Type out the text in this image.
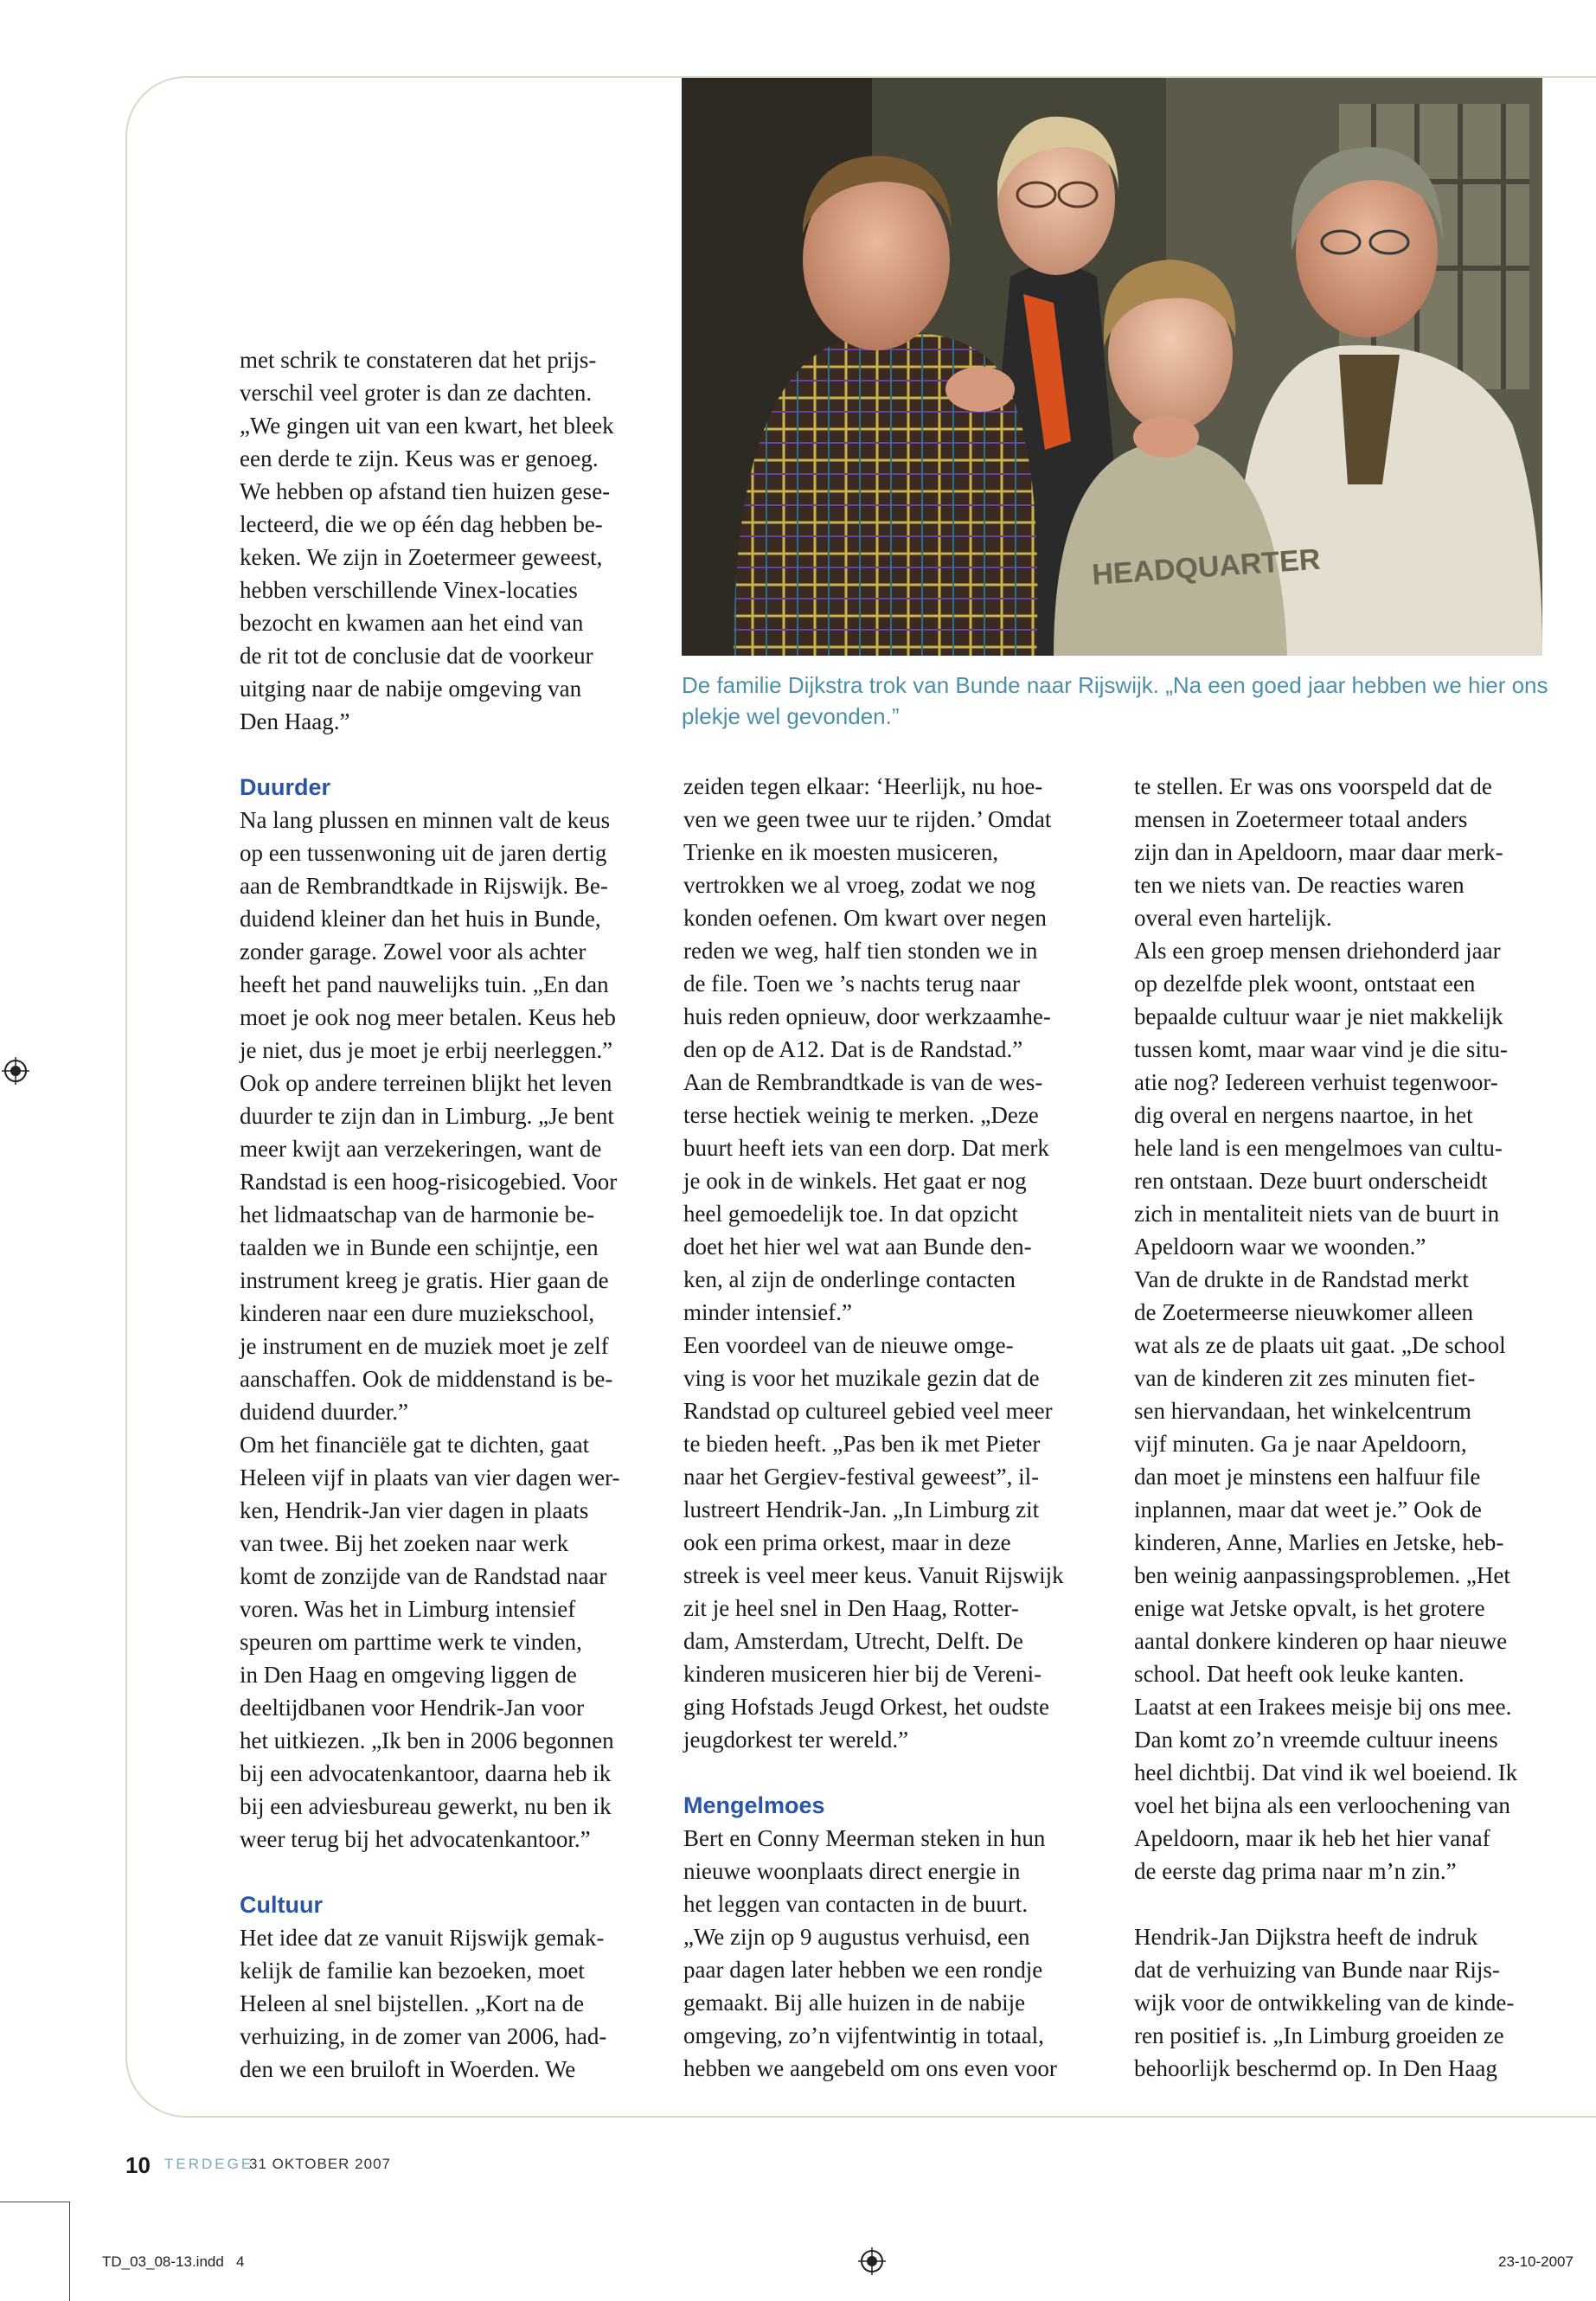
HEADQUARTER
De familie Dijkstra trok van Bunde naar Rijswijk. „Na een goed jaar hebben we hier ons plekje wel gevonden.”

met schrik te constateren dat het prijs-

verschil veel groter is dan ze dachten.

„We gingen uit van een kwart, het bleek

een derde te zijn. Keus was er genoeg.

We hebben op afstand tien huizen gese-

lecteerd, die we op één dag hebben be-

keken. We zijn in Zoetermeer geweest,

hebben verschillende Vinex-locaties

bezocht en kwamen aan het eind van

de rit tot de conclusie dat de voorkeur

uitging naar de nabije omgeving van

Den Haag.”

Duurder

Na lang plussen en minnen valt de keus

op een tussenwoning uit de jaren dertig

aan de Rembrandtkade in Rijswijk. Be-

duidend kleiner dan het huis in Bunde,

zonder garage. Zowel voor als achter

heeft het pand nauwelijks tuin. „En dan

moet je ook nog meer betalen. Keus heb

je niet, dus je moet je erbij neerleggen.”

Ook op andere terreinen blijkt het leven

duurder te zijn dan in Limburg. „Je bent

meer kwijt aan verzekeringen, want de

Randstad is een hoog-risicogebied. Voor

het lidmaatschap van de harmonie be-

taalden we in Bunde een schijntje, een

instrument kreeg je gratis. Hier gaan de

kinderen naar een dure muziekschool,

je instrument en de muziek moet je zelf

aanschaffen. Ook de middenstand is be-

duidend duurder.”

Om het financiële gat te dichten, gaat

Heleen vijf in plaats van vier dagen wer-

ken, Hendrik-Jan vier dagen in plaats

van twee. Bij het zoeken naar werk

komt de zonzijde van de Randstad naar

voren. Was het in Limburg intensief

speuren om parttime werk te vinden,

in Den Haag en omgeving liggen de

deeltijdbanen voor Hendrik-Jan voor

het uitkiezen. „Ik ben in 2006 begonnen

bij een advocatenkantoor, daarna heb ik

bij een adviesbureau gewerkt, nu ben ik

weer terug bij het advocatenkantoor.”

Cultuur

Het idee dat ze vanuit Rijswijk gemak-

kelijk de familie kan bezoeken, moet

Heleen al snel bijstellen. „Kort na de

verhuizing, in de zomer van 2006, had-

den we een bruiloft in Woerden. We

zeiden tegen elkaar: ‘Heerlijk, nu hoe-

ven we geen twee uur te rijden.’ Omdat

Trienke en ik moesten musiceren,

vertrokken we al vroeg, zodat we nog

konden oefenen. Om kwart over negen

reden we weg, half tien stonden we in

de file. Toen we ’s nachts terug naar

huis reden opnieuw, door werkzaamhe-

den op de A12. Dat is de Randstad.”

Aan de Rembrandtkade is van de wes-

terse hectiek weinig te merken. „Deze

buurt heeft iets van een dorp. Dat merk

je ook in de winkels. Het gaat er nog

heel gemoedelijk toe. In dat opzicht

doet het hier wel wat aan Bunde den-

ken, al zijn de onderlinge contacten

minder intensief.”

Een voordeel van de nieuwe omge-

ving is voor het muzikale gezin dat de

Randstad op cultureel gebied veel meer

te bieden heeft. „Pas ben ik met Pieter

naar het Gergiev-festival geweest”, il-

lustreert Hendrik-Jan. „In Limburg zit

ook een prima orkest, maar in deze

streek is veel meer keus. Vanuit Rijswijk

zit je heel snel in Den Haag, Rotter-

dam, Amsterdam, Utrecht, Delft. De

kinderen musiceren hier bij de Vereni-

ging Hofstads Jeugd Orkest, het oudste

jeugdorkest ter wereld.”

Mengelmoes

Bert en Conny Meerman steken in hun

nieuwe woonplaats direct energie in

het leggen van contacten in de buurt.

„We zijn op 9 augustus verhuisd, een

paar dagen later hebben we een rondje

gemaakt. Bij alle huizen in de nabije

omgeving, zo’n vijfentwintig in totaal,

hebben we aangebeld om ons even voor

te stellen. Er was ons voorspeld dat de

mensen in Zoetermeer totaal anders

zijn dan in Apeldoorn, maar daar merk-

ten we niets van. De reacties waren

overal even hartelijk.

Als een groep mensen driehonderd jaar

op dezelfde plek woont, ontstaat een

bepaalde cultuur waar je niet makkelijk

tussen komt, maar waar vind je die situ-

atie nog? Iedereen verhuist tegenwoor-

dig overal en nergens naartoe, in het

hele land is een mengelmoes van cultu-

ren ontstaan. Deze buurt onderscheidt

zich in mentaliteit niets van de buurt in

Apeldoorn waar we woonden.”

Van de drukte in de Randstad merkt

de Zoetermeerse nieuwkomer alleen

wat als ze de plaats uit gaat. „De school

van de kinderen zit zes minuten fiet-

sen hiervandaan, het winkelcentrum

vijf minuten. Ga je naar Apeldoorn,

dan moet je minstens een halfuur file

inplannen, maar dat weet je.” Ook de

kinderen, Anne, Marlies en Jetske, heb-

ben weinig aanpassingsproblemen. „Het

enige wat Jetske opvalt, is het grotere

aantal donkere kinderen op haar nieuwe

school. Dat heeft ook leuke kanten.

Laatst at een Irakees meisje bij ons mee.

Dan komt zo’n vreemde cultuur ineens

heel dichtbij. Dat vind ik wel boeiend. Ik

voel het bijna als een verloochening van

Apeldoorn, maar ik heb het hier vanaf

de eerste dag prima naar m’n zin.”

Hendrik-Jan Dijkstra heeft de indruk

dat de verhuizing van Bunde naar Rijs-

wijk voor de ontwikkeling van de kinde-

ren positief is. „In Limburg groeiden ze

behoorlijk beschermd op. In Den Haag

10 TERDEGE
31 OKTOBER 2007
TD_03_08-13.indd   4	23-10-2007
